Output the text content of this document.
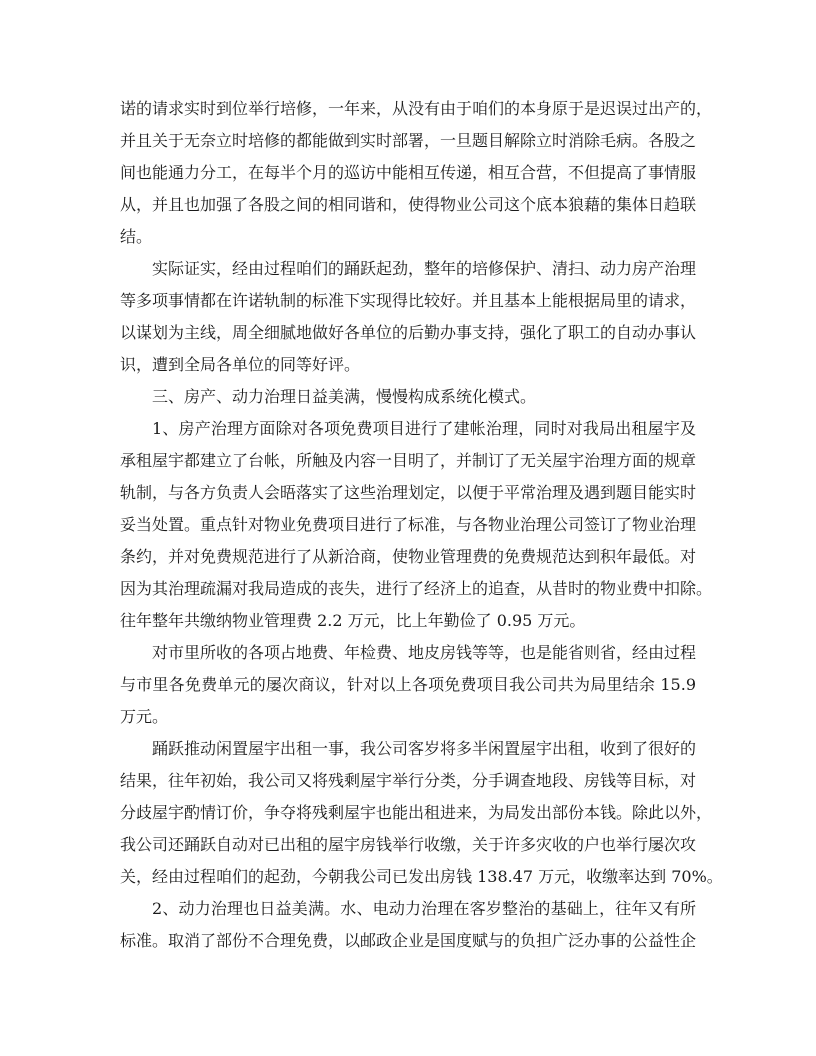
诺的请求实时到位举行培修，一年来，从没有由于咱们的本身原于是迟误过出产的，
并且关于无奈立时培修的都能做到实时部署，一旦题目解除立时消除毛病。各股之
间也能通力分工，在每半个月的巡访中能相互传递，相互合营，不但提高了事情服
从，并且也加强了各股之间的相同谐和，使得物业公司这个底本狼藉的集体日趋联
结。
实际证实，经由过程咱们的踊跃起劲，整年的培修保护、清扫、动力房产治理
等多项事情都在许诺轨制的标准下实现得比较好。并且基本上能根据局里的请求，
以谋划为主线，周全细腻地做好各单位的后勤办事支持，强化了职工的自动办事认
识，遭到全局各单位的同等好评。
三、房产、动力治理日益美满，慢慢构成系统化模式。
1、房产治理方面除对各项免费项目进行了建帐治理，同时对我局出租屋宇及
承租屋宇都建立了台帐，所触及内容一目明了，并制订了无关屋宇治理方面的规章
轨制，与各方负责人会晤落实了这些治理划定，以便于平常治理及遇到题目能实时
妥当处置。重点针对物业免费项目进行了标准，与各物业治理公司签订了物业治理
条约，并对免费规范进行了从新洽商，使物业管理费的免费规范达到积年最低。对
因为其治理疏漏对我局造成的丧失，进行了经济上的追查，从昔时的物业费中扣除。
往年整年共缴纳物业管理费 2.2 万元，比上年勤俭了 0.95 万元。
对市里所收的各项占地费、年检费、地皮房钱等等，也是能省则省，经由过程
与市里各免费单元的屡次商议，针对以上各项免费项目我公司共为局里结余 15.9
万元。
踊跃推动闲置屋宇出租一事，我公司客岁将多半闲置屋宇出租，收到了很好的
结果，往年初始，我公司又将残剩屋宇举行分类，分手调查地段、房钱等目标，对
分歧屋宇酌情订价，争夺将残剩屋宇也能出租进来，为局发出部份本钱。除此以外，
我公司还踊跃自动对已出租的屋宇房钱举行收缴，关于许多灾收的户也举行屡次攻
关，经由过程咱们的起劲，今朝我公司已发出房钱 138.47 万元，收缴率达到 70%。
2、动力治理也日益美满。水、电动力治理在客岁整治的基础上，往年又有所
标准。取消了部份不合理免费，以邮政企业是国度赋与的负担广泛办事的公益性企
